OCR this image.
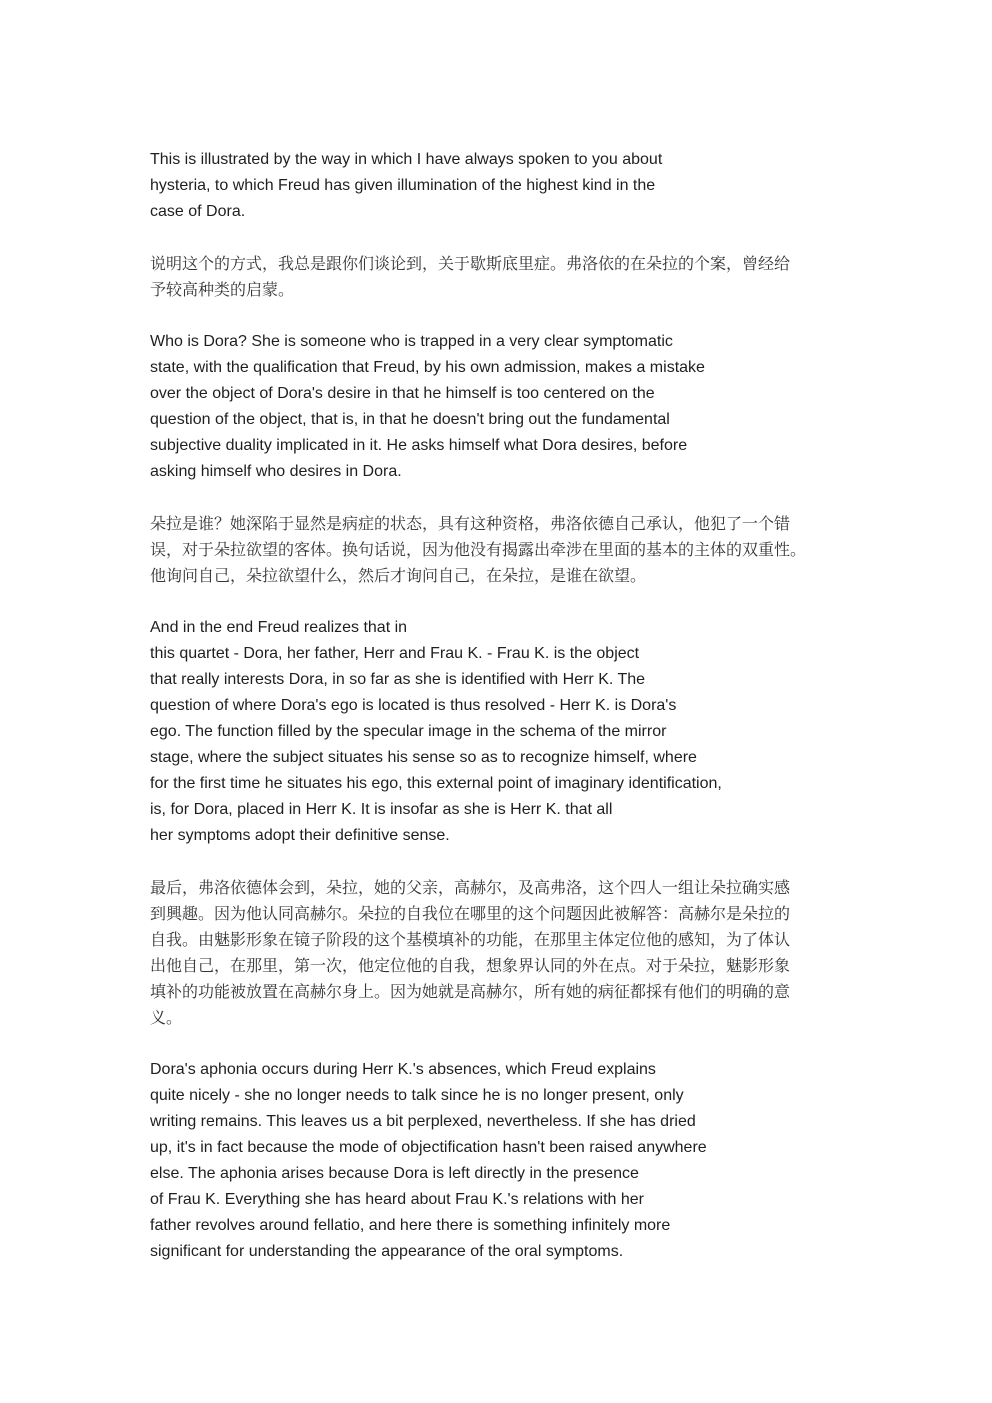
This is illustrated by the way in which I have always spoken to you about
hysteria, to which Freud has given illumination of the highest kind in the
case of Dora.

说明这个的方式，我总是跟你们谈论到，关于歇斯底里症。弗洛依的在朵拉的个案，曾经给
予较高种类的启蒙。

Who is Dora? She is someone who is trapped in a very clear symptomatic
state, with the qualification that Freud, by his own admission, makes a mistake
over the object of Dora's desire in that he himself is too centered on the
question of the object, that is, in that he doesn't bring out the fundamental
subjective duality implicated in it. He asks himself what Dora desires, before
asking himself who desires in Dora.

朵拉是谁？她深陷于显然是病症的状态，具有这种资格，弗洛依德自己承认，他犯了一个错
误，对于朵拉欲望的客体。换句话说，因为他没有揭露出牵涉在里面的基本的主体的双重性。
他询问自己，朵拉欲望什么，然后才询问自己，在朵拉，是谁在欲望。

And in the end Freud realizes that in
this quartet - Dora, her father, Herr and Frau K. - Frau K. is the object
that really interests Dora, in so far as she is identified with Herr K. The
question of where Dora's ego is located is thus resolved - Herr K. is Dora's
ego. The function filled by the specular image in the schema of the mirror
stage, where the subject situates his sense so as to recognize himself, where
for the first time he situates his ego, this external point of imaginary identification,
is, for Dora, placed in Herr K. It is insofar as she is Herr K. that all
her symptoms adopt their definitive sense.

最后，弗洛依德体会到，朵拉，她的父亲，高赫尔，及高弗洛，这个四人一组让朵拉确实感
到興趣。因为他认同高赫尔。朵拉的自我位在哪里的这个问题因此被解答：高赫尔是朵拉的
自我。由魅影形象在镜子阶段的这个基模填补的功能，在那里主体定位他的感知，为了体认
出他自己，在那里，第一次，他定位他的自我，想象界认同的外在点。对于朵拉，魅影形象
填补的功能被放置在高赫尔身上。因为她就是高赫尔，所有她的病征都採有他们的明确的意
义。

Dora's aphonia occurs during Herr K.'s absences, which Freud explains
quite nicely - she no longer needs to talk since he is no longer present, only
writing remains. This leaves us a bit perplexed, nevertheless. If she has dried
up, it's in fact because the mode of objectification hasn't been raised anywhere
else. The aphonia arises because Dora is left directly in the presence
of Frau K. Everything she has heard about Frau K.'s relations with her
father revolves around fellatio, and here there is something infinitely more
significant for understanding the appearance of the oral symptoms.
